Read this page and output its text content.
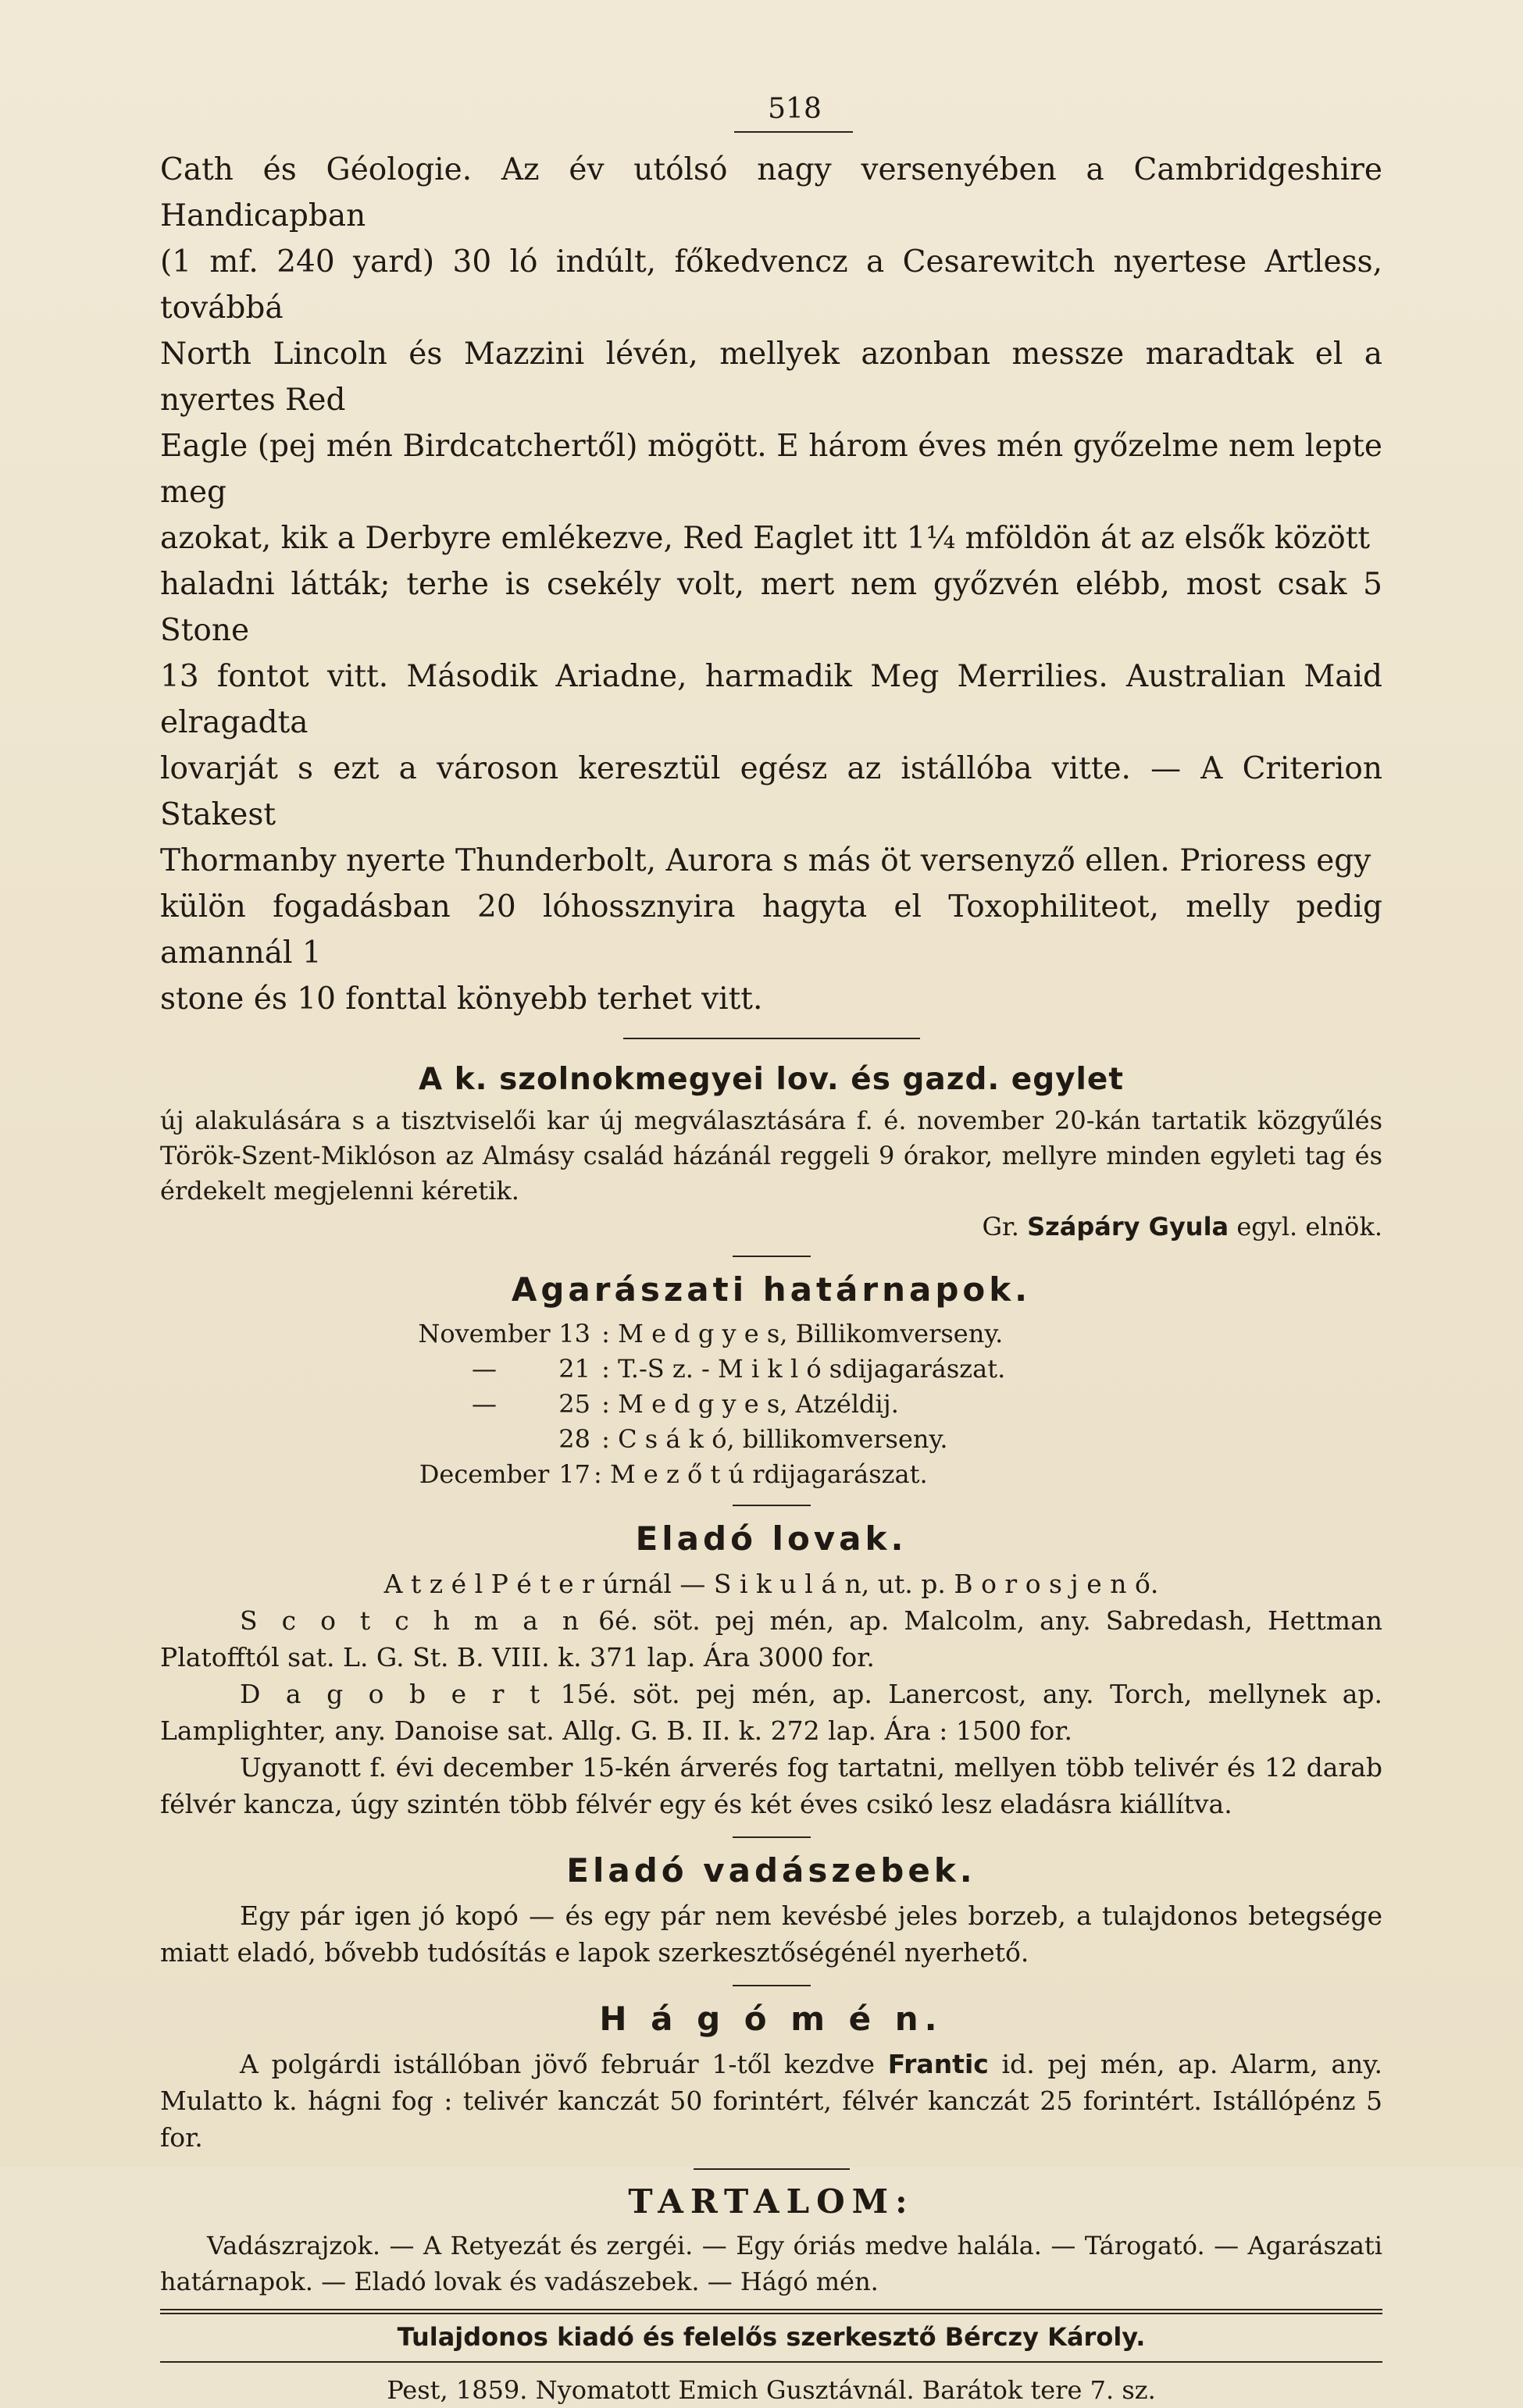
518

Cath és Géologie. Az év utólsó nagy versenyében a Cambridgeshire Handicapban

(1 mf. 240 yard) 30 ló indúlt, főkedvencz a Cesarewitch nyertese Artless, továbbá

North Lincoln és Mazzini lévén, mellyek azonban messze maradtak el a nyertes Red

Eagle (pej mén Birdcatchertől) mögött. E három éves mén győzelme nem lepte meg

azokat, kik a Derbyre emlékezve, Red Eaglet itt 1¼ mföldön át az elsők között

haladni látták; terhe is csekély volt, mert nem győzvén elébb, most csak 5 Stone

13 fontot vitt. Második Ariadne, harmadik Meg Merrilies. Australian Maid elragadta

lovarját s ezt a városon keresztül egész az istállóba vitte. — A Criterion Stakest

Thormanby nyerte Thunderbolt, Aurora s más öt versenyző ellen. Prioress egy

külön fogadásban 20 lóhossznyira hagyta el Toxophiliteot, melly pedig amannál 1

stone és 10 fonttal könyebb terhet vitt.

A k. szolnokmegyei lov. és gazd. egylet

új alakulására s a tisztviselői kar új megválasztására f. é. november 20-kán tartatik közgyűlés Török-Szent-Miklóson az Almásy család házánál reggeli 9 órakor, mellyre minden egyleti tag és érdekelt megjelenni kéretik.

Gr. Szápáry Gyula egyl. elnök.
Agarászati határnapok.
November 13 : M e d g y e s , Billikomverseny.
—	21 : T.-S z. - M i k l ó s dijagarászat.
—	25 : M e d g y e s , Atzéldij.
28 : C s á k ó , billikomverseny.
December 17 : M e z ő t ú r dijagarászat.
Eladó lovak.

A t z é l P é t e r úrnál — S i k u l á n, ut. p. B o r o s j e n ő.

S c o t c h m a n 6é. söt. pej mén, ap. Malcolm, any. Sabredash, Hettman Platofftól sat. L. G. St. B. VIII. k. 371 lap. Ára 3000 for.

D a g o b e r t 15é. söt. pej mén, ap. Lanercost, any. Torch, mellynek ap. Lamplighter, any. Danoise sat. Allg. G. B. II. k. 272 lap. Ára : 1500 for.

Ugyanott f. évi december 15-kén árverés fog tartatni, mellyen több telivér és 12 darab félvér kancza, úgy szintén több félvér egy és két éves csikó lesz eladásra kiállítva.

Eladó vadászebek.

Egy pár igen jó kopó — és egy pár nem kevésbé jeles borzeb, a tulajdonos betegsége miatt eladó, bővebb tudósítás e lapok szerkesztőségénél nyerhető.

H á g ó m é n.

A polgárdi istállóban jövő február 1-től kezdve Frantic id. pej mén, ap. Alarm, any. Mulatto k. hágni fog : telivér kanczát 50 forintért, félvér kanczát 25 forintért. Istállópénz 5 for.

TARTALOM:

Vadászrajzok. — A Retyezát és zergéi. — Egy óriás medve halála. — Tárogató. — Agarászati határnapok. — Eladó lovak és vadászebek. — Hágó mén.

Tulajdonos kiadó és felelős szerkesztő Bérczy Károly.

Pest, 1859. Nyomatott Emich Gusztávnál. Barátok tere 7. sz.
